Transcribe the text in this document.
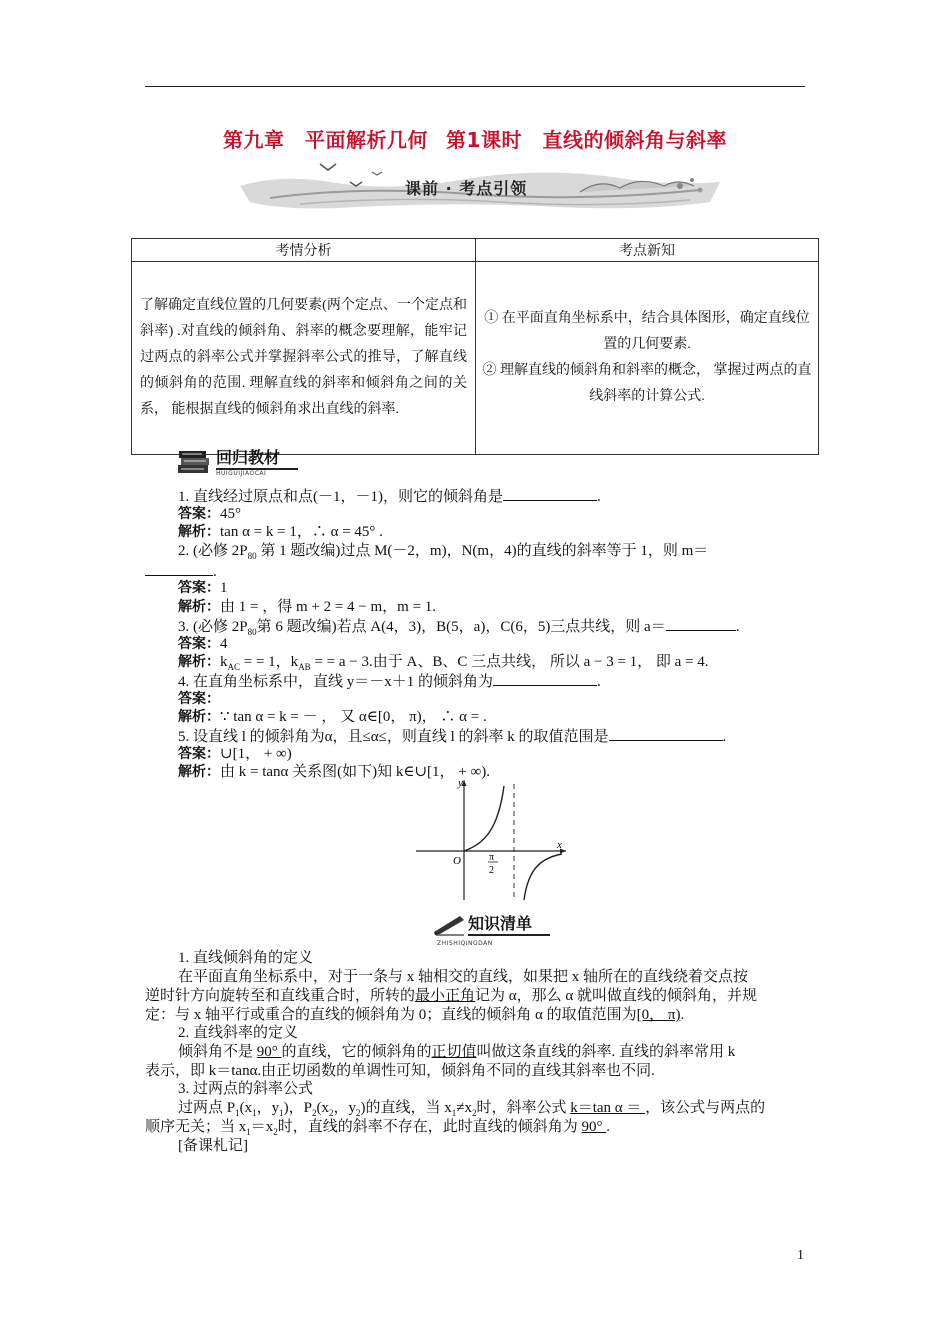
第九章　平面解析几何 第1课时　直线的倾斜角与斜率
课前 · 考点引领
考情分析	考点新知
了解确定直线位置的几何要素(两个定点、一个定点和斜率) .对直线的倾斜角、斜率的概念要理解，能牢记过两点的斜率公式并掌握斜率公式的推导，了解直线的倾斜角的范围. 理解直线的斜率和倾斜角之间的关系， 能根据直线的倾斜角求出直线的斜率.	① 在平面直角坐标系中，结合具体图形，确定直线位置的几何要素.
② 理解直线的倾斜角和斜率的概念， 掌握过两点的直线斜率的计算公式.
回归教材
HUIGUIJIAOCAI
1. 直线经过原点和点(－1，－1)，则它的倾斜角是	.
答案：45°
解析：tan α = k = 1，∴ α = 45° .
2. (必修 $2P_{80}$ 第 1 题改编)过点 M(－2，m)，N(m，4)的直线的斜率等于 1，则 m＝
.
答案：1
解析：由 1 = ，得 m + 2 = 4 − m，m = 1.
3. (必修 $2P_{80}$第 6 题改编)若点 A(4，3)，B(5，a)，C(6，5)三点共线，则 a＝	.
答案：4
解析：$k_{AC}$ = = 1，$k_{AB}$ = = a − 3.由于 A、B、C 三点共线， 所以 a − 3 = 1， 即 a = 4.
4. 在直角坐标系中，直线 y＝－x＋1 的倾斜角为	.
答案：
解析：∵ tan α = k = － ， 又 α∈[0， π)， ∴ α = .
5. 设直线 l 的倾斜角为α，且≤α≤，则直线 l 的斜率 k 的取值范围是	.
答案：∪[1， + ∞)
解析：由 k = tanα 关系图(如下)知 k∈∪[1， + ∞).
y
x
O	π
2
知识清单
ZHISHIQINGDAN
1. 直线倾斜角的定义
在平面直角坐标系中，对于一条与 x 轴相交的直线，如果把 x 轴所在的直线绕着交点按
逆时针方向旋转至和直线重合时，所转的最小正角记为 α，那么 α 就叫做直线的倾斜角，并规
定：与 x 轴平行或重合的直线的倾斜角为 0；直线的倾斜角 α 的取值范围为[0， π).
2. 直线斜率的定义
倾斜角不是 90° 的直线，它的倾斜角的正切值叫做这条直线的斜率. 直线的斜率常用 k
表示，即 k＝tanα.由正切函数的单调性可知，倾斜角不同的直线其斜率也不同.
3. 过两点的斜率公式
过两点 $P_1(x_1$，$y_1$)，$P_2(x_2$，$y_2$)的直线，当 $x_1\ne x_2$时，斜率公式 k＝tan α ＝ ，该公式与两点的
顺序无关；当 $x_1=x_2$时，直线的斜率不存在，此时直线的倾斜角为 90° .
[备课札记]
1
